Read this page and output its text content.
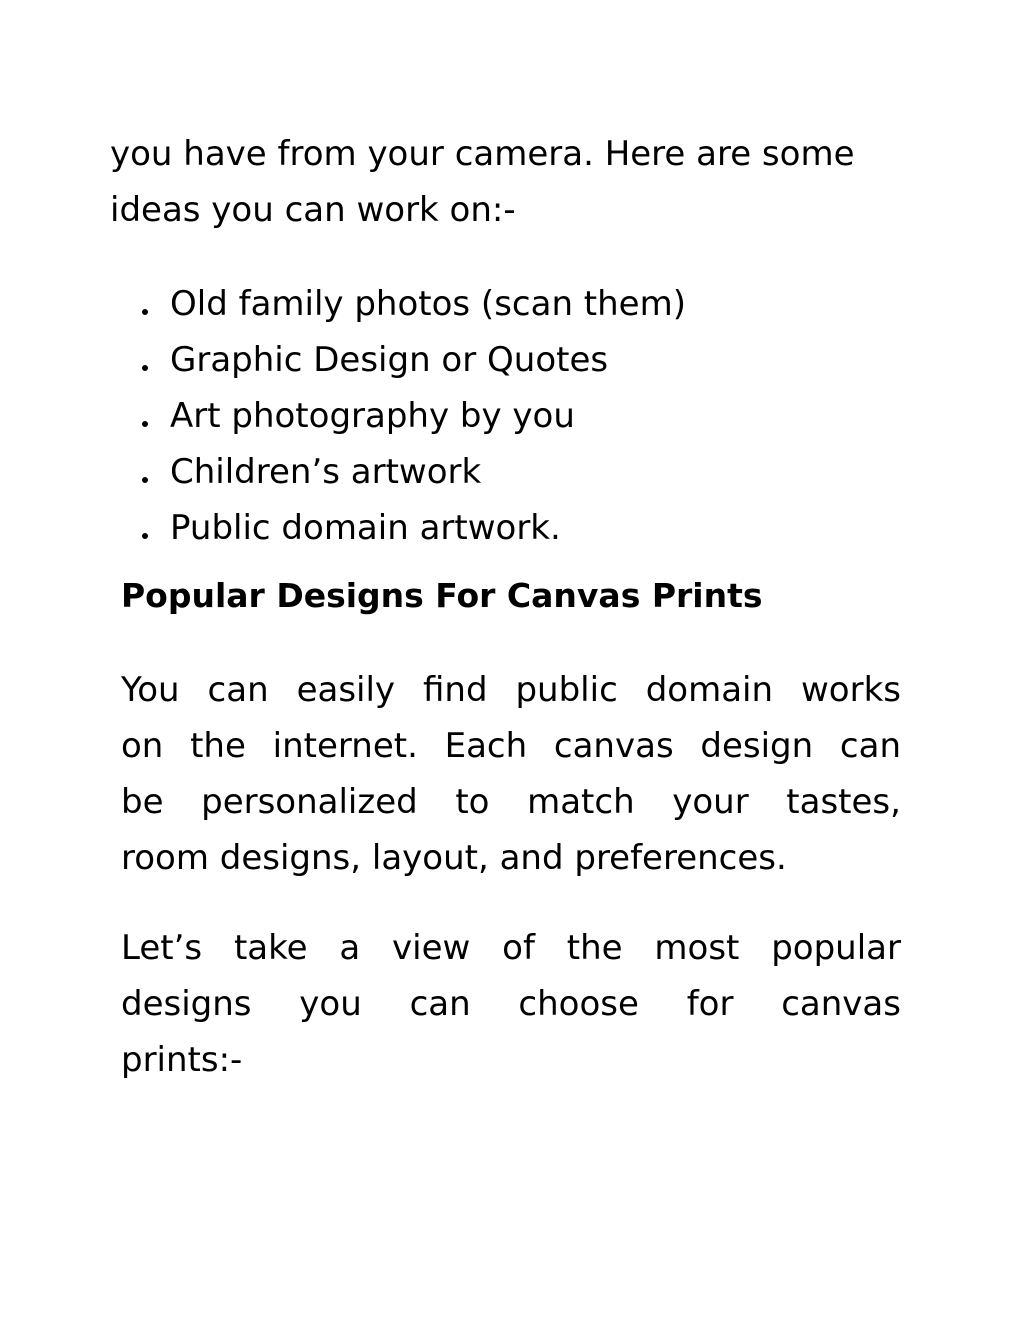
you have from your camera. Here are some
ideas you can work on:-

Old family photos (scan them)
Graphic Design or Quotes
Art photography by you
Children’s artwork
Public domain artwork.
Popular Designs For Canvas Prints
You can easily find public domain works
on the internet. Each canvas design can
be personalized to match your tastes,
room designs, layout, and preferences.
Let’s take a view of the most popular
designs you can choose for canvas
prints:-
